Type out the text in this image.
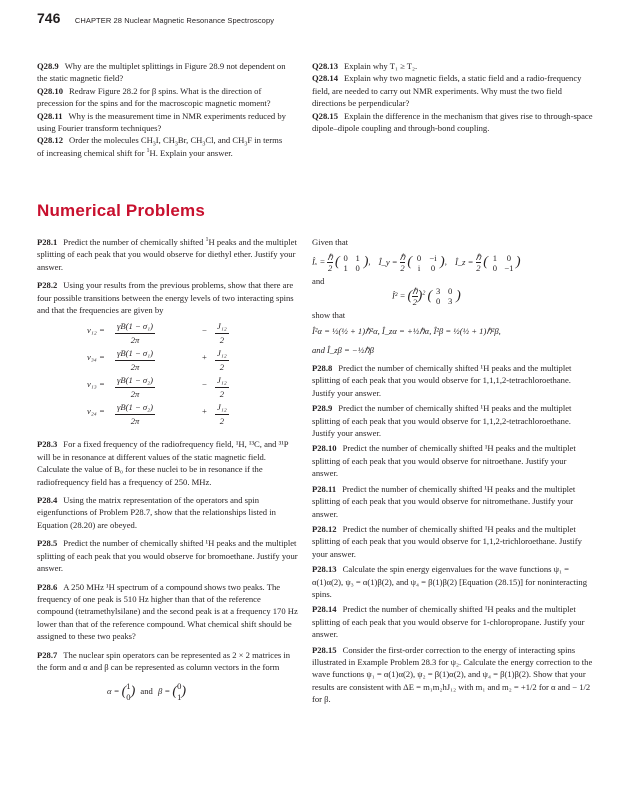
746 CHAPTER 28 Nuclear Magnetic Resonance Spectroscopy

Q28.9 Why are the multiplet splittings in Figure 28.9 not dependent on the static magnetic field?

Q28.10 Redraw Figure 28.2 for β spins. What is the direction of precession for the spins and for the macroscopic magnetic moment?

Q28.11 Why is the measurement time in NMR experiments reduced by using Fourier transform techniques?

Q28.12 Order the molecules $CH_3I$, $CH_3Br$, $CH_3Cl$, and $CH_3F$ in terms of increasing chemical shift for $^1$H. Explain your answer.

Q28.13 Explain why T₁ ≥ T₂.

Q28.14 Explain why two magnetic fields, a static field and a radio-frequency field, are needed to carry out NMR experiments. Why must the two field directions be perpendicular?

Q28.15 Explain the difference in the mechanism that gives rise to through-space dipole–dipole coupling and through-bond coupling.

Numerical Problems

P28.1 Predict the number of chemically shifted $^1$H peaks and the multiplet splitting of each peak that you would observe for diethyl ether. Justify your answer.

P28.2 Using your results from the previous problems, show that there are four possible transitions between the energy levels of two interacting spins and that the frequencies are given by

$\nu_{12} = \frac{\text{γB(1 − σ₁)}}{2\pi}$	− $\frac{\text{J₁₂}}{2}$
$\nu_{34} = \frac{\text{γB(1 − σ₁)}}{2\pi}$	+ $\frac{\text{J₁₂}}{2}$
$\nu_{13} = \frac{\text{γB(1 − σ₂)}}{2\pi}$	− $\frac{\text{J₁₂}}{2}$
$\nu_{24} = \frac{\text{γB(1 − σ₂)}}{2\pi}$	+ $\frac{\text{J₁₂}}{2}$

P28.3 For a fixed frequency of the radiofrequency field, ¹H, ¹³C, and ³¹P will be in resonance at different values of the static magnetic field. Calculate the value of B₀ for these nuclei to be in resonance if the radiofrequency field has a frequency of 250. MHz.

P28.4 Using the matrix representation of the operators and spin eigenfunctions of Problem P28.7, show that the relationships listed in Equation (28.20) are obeyed.

P28.5 Predict the number of chemically shifted ¹H peaks and the multiplet splitting of each peak that you would observe for bromoethane. Justify your answer.

P28.6 A 250 MHz ¹H spectrum of a compound shows two peaks. The frequency of one peak is 510 Hz higher than that of the reference compound (tetramethylsilane) and the second peak is at a frequency 170 Hz lower than that of the reference compound. What chemical shift should be assigned to these two peaks?

P28.7 The nuclear spin operators can be represented as 2 × 2 matrices in the form and α and β can be represented as column vectors in the form

α = ( 1
0 ) and β = ( 0
1 )

Given that

Îₓ = ℏ
2 ( 0 1
1 0 ), Î_y = ℏ
2 ( 0 −i
i	0 ), Î_z = ℏ
2 ( 1	0
0 −1 )

and

Î² = ( ℏ
2 )$^2$ ( 3 0
0 3 )

show that

Î²α = ½(½ + 1)ℏ²α, Î_zα = +½ℏα, Î²β = ½(½ + 1)ℏ²β,

and Î_zβ = −½ℏβ

P28.8 Predict the number of chemically shifted ¹H peaks and the multiplet splitting of each peak that you would observe for 1,1,1,2-tetrachloroethane. Justify your answer.

P28.9 Predict the number of chemically shifted ¹H peaks and the multiplet splitting of each peak that you would observe for 1,1,2,2-tetrachloroethane. Justify your answer.

P28.10 Predict the number of chemically shifted ¹H peaks and the multiplet splitting of each peak that you would observe for nitroethane. Justify your answer.

P28.11 Predict the number of chemically shifted ¹H peaks and the multiplet splitting of each peak that you would observe for nitromethane. Justify your answer.

P28.12 Predict the number of chemically shifted ¹H peaks and the multiplet splitting of each peak that you would observe for 1,1,2-trichloroethane. Justify your answer.

P28.13 Calculate the spin energy eigenvalues for the wave functions ψ₁ = α(1)α(2), ψ₃ = α(1)β(2), and ψ₄ = β(1)β(2) [Equation (28.15)] for noninteracting spins.

P28.14 Predict the number of chemically shifted ¹H peaks and the multiplet splitting of each peak that you would observe for 1-chloropropane. Justify your answer.

P28.15 Consider the first-order correction to the energy of interacting spins illustrated in Example Problem 28.3 for ψ₂. Calculate the energy correction to the wave functions ψ₁ = α(1)α(2), ψ₂ = β(1)α(2), and ψ₄ = β(1)β(2). Show that your results are consistent with ΔE = m₁m₂hJ₁₂ with m₁ and m₂ = +1/2 for α and − 1/2 for β.
